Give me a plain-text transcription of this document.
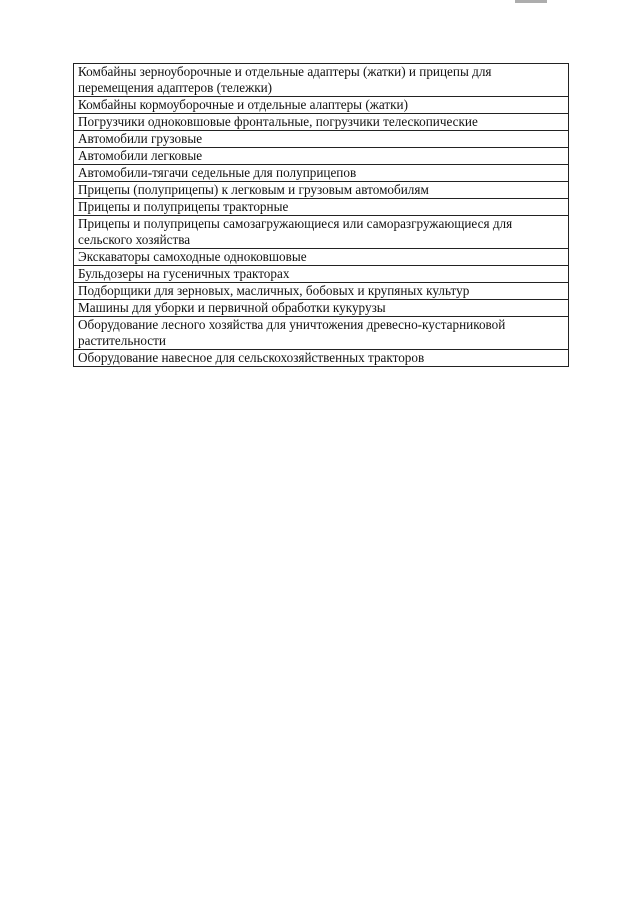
Комбайны зерноуборочные и отдельные адаптеры (жатки) и прицепы для перемещения адаптеров (тележки)
Комбайны кормоуборочные и отдельные алаптеры (жатки)
Погрузчики одноковшовые фронтальные, погрузчики телескопические
Автомобили грузовые
Автомобили легковые
Автомобили-тягачи седельные для полуприцепов
Прицепы (полуприцепы) к легковым и грузовым автомобилям
Прицепы и полуприцепы тракторные
Прицепы и полуприцепы самозагружающиеся или саморазгружающиеся для сельского хозяйства
Экскаваторы самоходные одноковшовые
Бульдозеры на гусеничных тракторах
Подборщики для зерновых, масличных, бобовых и крупяных культур
Машины для уборки и первичной обработки кукурузы
Оборудование лесного хозяйства для уничтожения древесно-кустарниковой растительности
Оборудование навесное для сельскохозяйственных тракторов
